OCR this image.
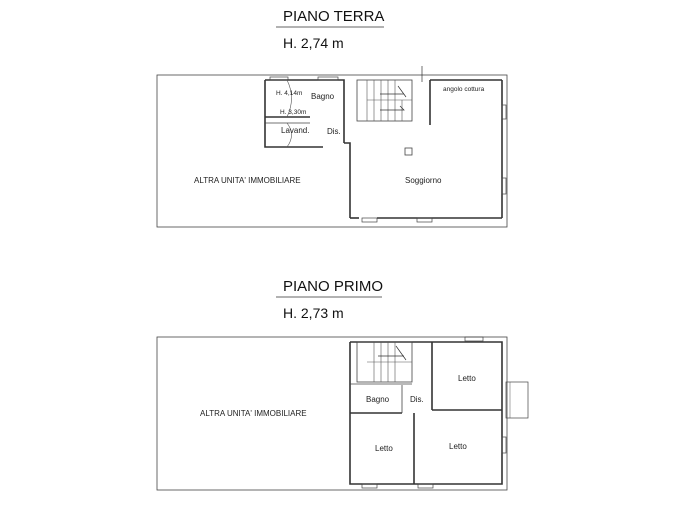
PIANO TERRA
H. 2,74 m
Bagno
Lavand. Dis.
angolo cottura
Soggiorno
ALTRA UNITA' IMMOBILIARE
H. 4,14m
H. 3,30m
PIANO PRIMO
H. 2,73 m
Bagno	Dis.
Letto
Letto	Letto
ALTRA UNITA' IMMOBILIARE
